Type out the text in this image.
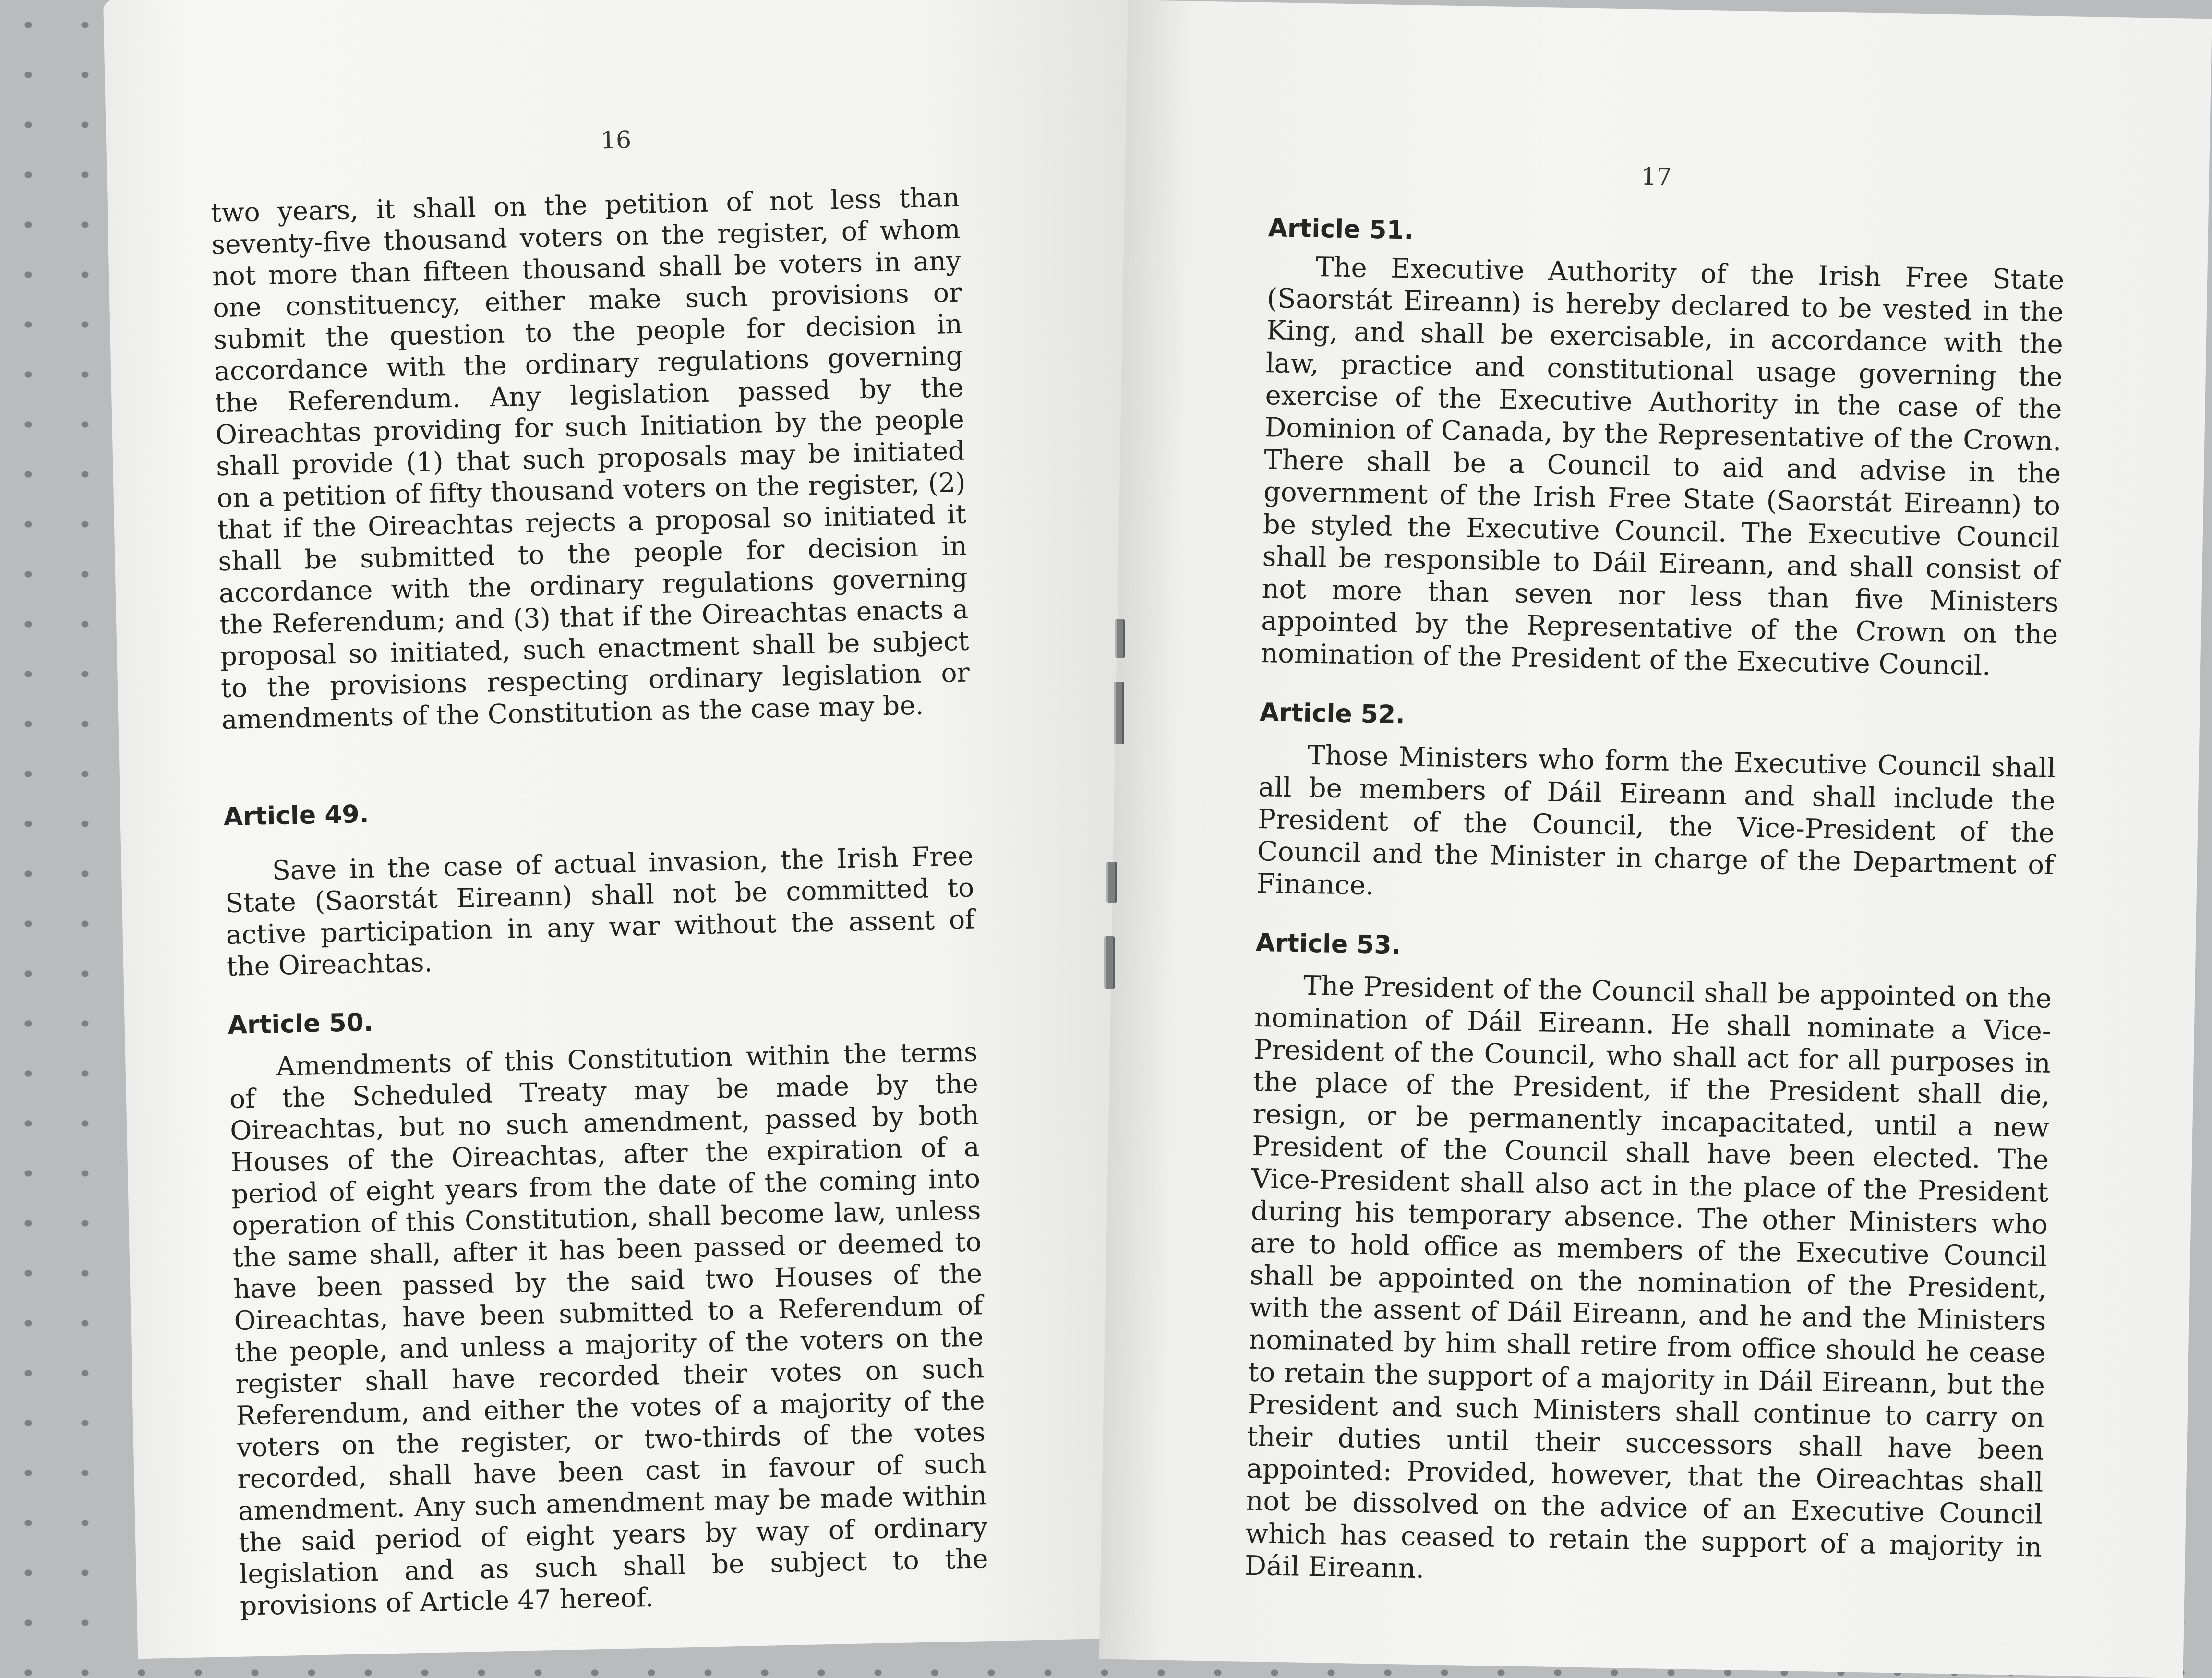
16

two years, it shall on the petition of not less than seventy-five thousand voters on the register, of whom not more than fifteen thousand shall be voters in any one constituency, either make such provisions or submit the question to the people for decision in accordance with the ordinary regulations governing the Referendum. Any legislation passed by the Oireachtas providing for such Initiation by the people shall provide (1) that such proposals may be initiated on a petition of fifty thousand voters on the register, (2) that if the Oireachtas rejects a proposal so initiated it shall be submitted to the people for decision in accordance with the ordinary regulations governing the Referendum; and (3) that if the Oireachtas enacts a proposal so initiated, such enactment shall be subject to the provisions respecting ordinary legislation or amendments of the Constitution as the case may be.

Article 49.

Save in the case of actual invasion, the Irish Free State (Saorstát Eireann) shall not be committed to active participation in any war without the assent of the Oireachtas.

Article 50.

Amendments of this Constitution within the terms of the Scheduled Treaty may be made by the Oireachtas, but no such amendment, passed by both Houses of the Oireachtas, after the expiration of a period of eight years from the date of the coming into operation of this Constitution, shall become law, unless the same shall, after it has been passed or deemed to have been passed by the said two Houses of the Oireachtas, have been submitted to a Referendum of the people, and unless a majority of the voters on the register shall have recorded their votes on such Referendum, and either the votes of a majority of the voters on the register, or two-thirds of the votes recorded, shall have been cast in favour of such amendment. Any such amendment may be made within the said period of eight years by way of ordinary legislation and as such shall be subject to the provisions of Article 47 hereof.

17
Article 51.

The Executive Authority of the Irish Free State (Saorstát Eireann) is hereby declared to be vested in the King, and shall be exercisable, in accordance with the law, practice and constitutional usage governing the exercise of the Executive Authority in the case of the Dominion of Canada, by the Representative of the Crown. There shall be a Council to aid and advise in the government of the Irish Free State (Saorstát Eireann) to be styled the Executive Council. The Executive Council shall be responsible to Dáil Eireann, and shall consist of not more than seven nor less than five Ministers appointed by the Representative of the Crown on the nomination of the President of the Executive Council.

Article 52.

Those Ministers who form the Executive Council shall all be members of Dáil Eireann and shall include the President of the Council, the Vice-President of the Council and the Minister in charge of the Department of Finance.

Article 53.

The President of the Council shall be appointed on the nomination of Dáil Eireann. He shall nominate a Vice-President of the Council, who shall act for all purposes in the place of the President, if the President shall die, resign, or be permanently incapacitated, until a new President of the Council shall have been elected. The Vice-President shall also act in the place of the President during his temporary absence. The other Ministers who are to hold office as members of the Executive Council shall be appointed on the nomination of the President, with the assent of Dáil Eireann, and he and the Ministers nominated by him shall retire from office should he cease to retain the support of a majority in Dáil Eireann, but the President and such Ministers shall continue to carry on their duties until their successors shall have been appointed: Provided, however, that the Oireachtas shall not be dissolved on the advice of an Executive Council which has ceased to retain the support of a majority in Dáil Eireann.
